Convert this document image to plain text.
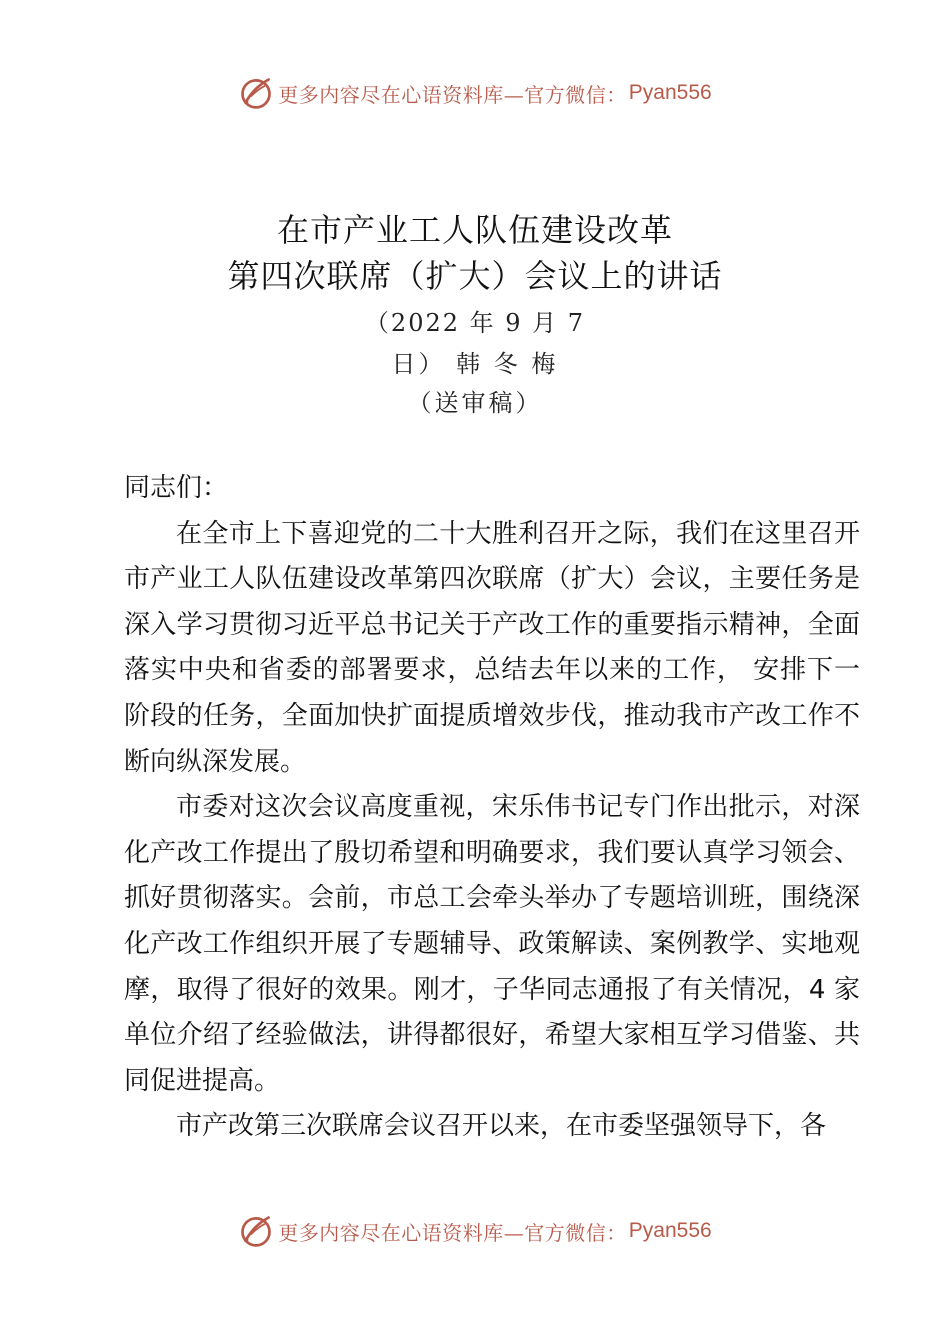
更多内容尽在心语资料库—官方微信： Pyan556
在市产业工人队伍建设改革
第四次联席（扩大）会议上的讲话
（2022 年 9 月 7
日） 韩 冬 梅
（送审稿）

同志们：

在全市上下喜迎党的二十大胜利召开之际，我们在这里召开市产业工人队伍建设改革第四次联席（扩大）会议，主要任务是深入学习贯彻习近平总书记关于产改工作的重要指示精神，全面落实中央和省委的部署要求，总结去年以来的工作， 安排下一阶段的任务，全面加快扩面提质增效步伐，推动我市产改工作不断向纵深发展。

市委对这次会议高度重视，宋乐伟书记专门作出批示，对深化产改工作提出了殷切希望和明确要求，我们要认真学习领会、抓好贯彻落实。会前，市总工会牵头举办了专题培训班，围绕深化产改工作组织开展了专题辅导、政策解读、案例教学、实地观摩，取得了很好的效果。刚才，子华同志通报了有关情况，4 家单位介绍了经验做法，讲得都很好，希望大家相互学习借鉴、共同促进提高。

市产改第三次联席会议召开以来，在市委坚强领导下，各

更多内容尽在心语资料库—官方微信： Pyan556
